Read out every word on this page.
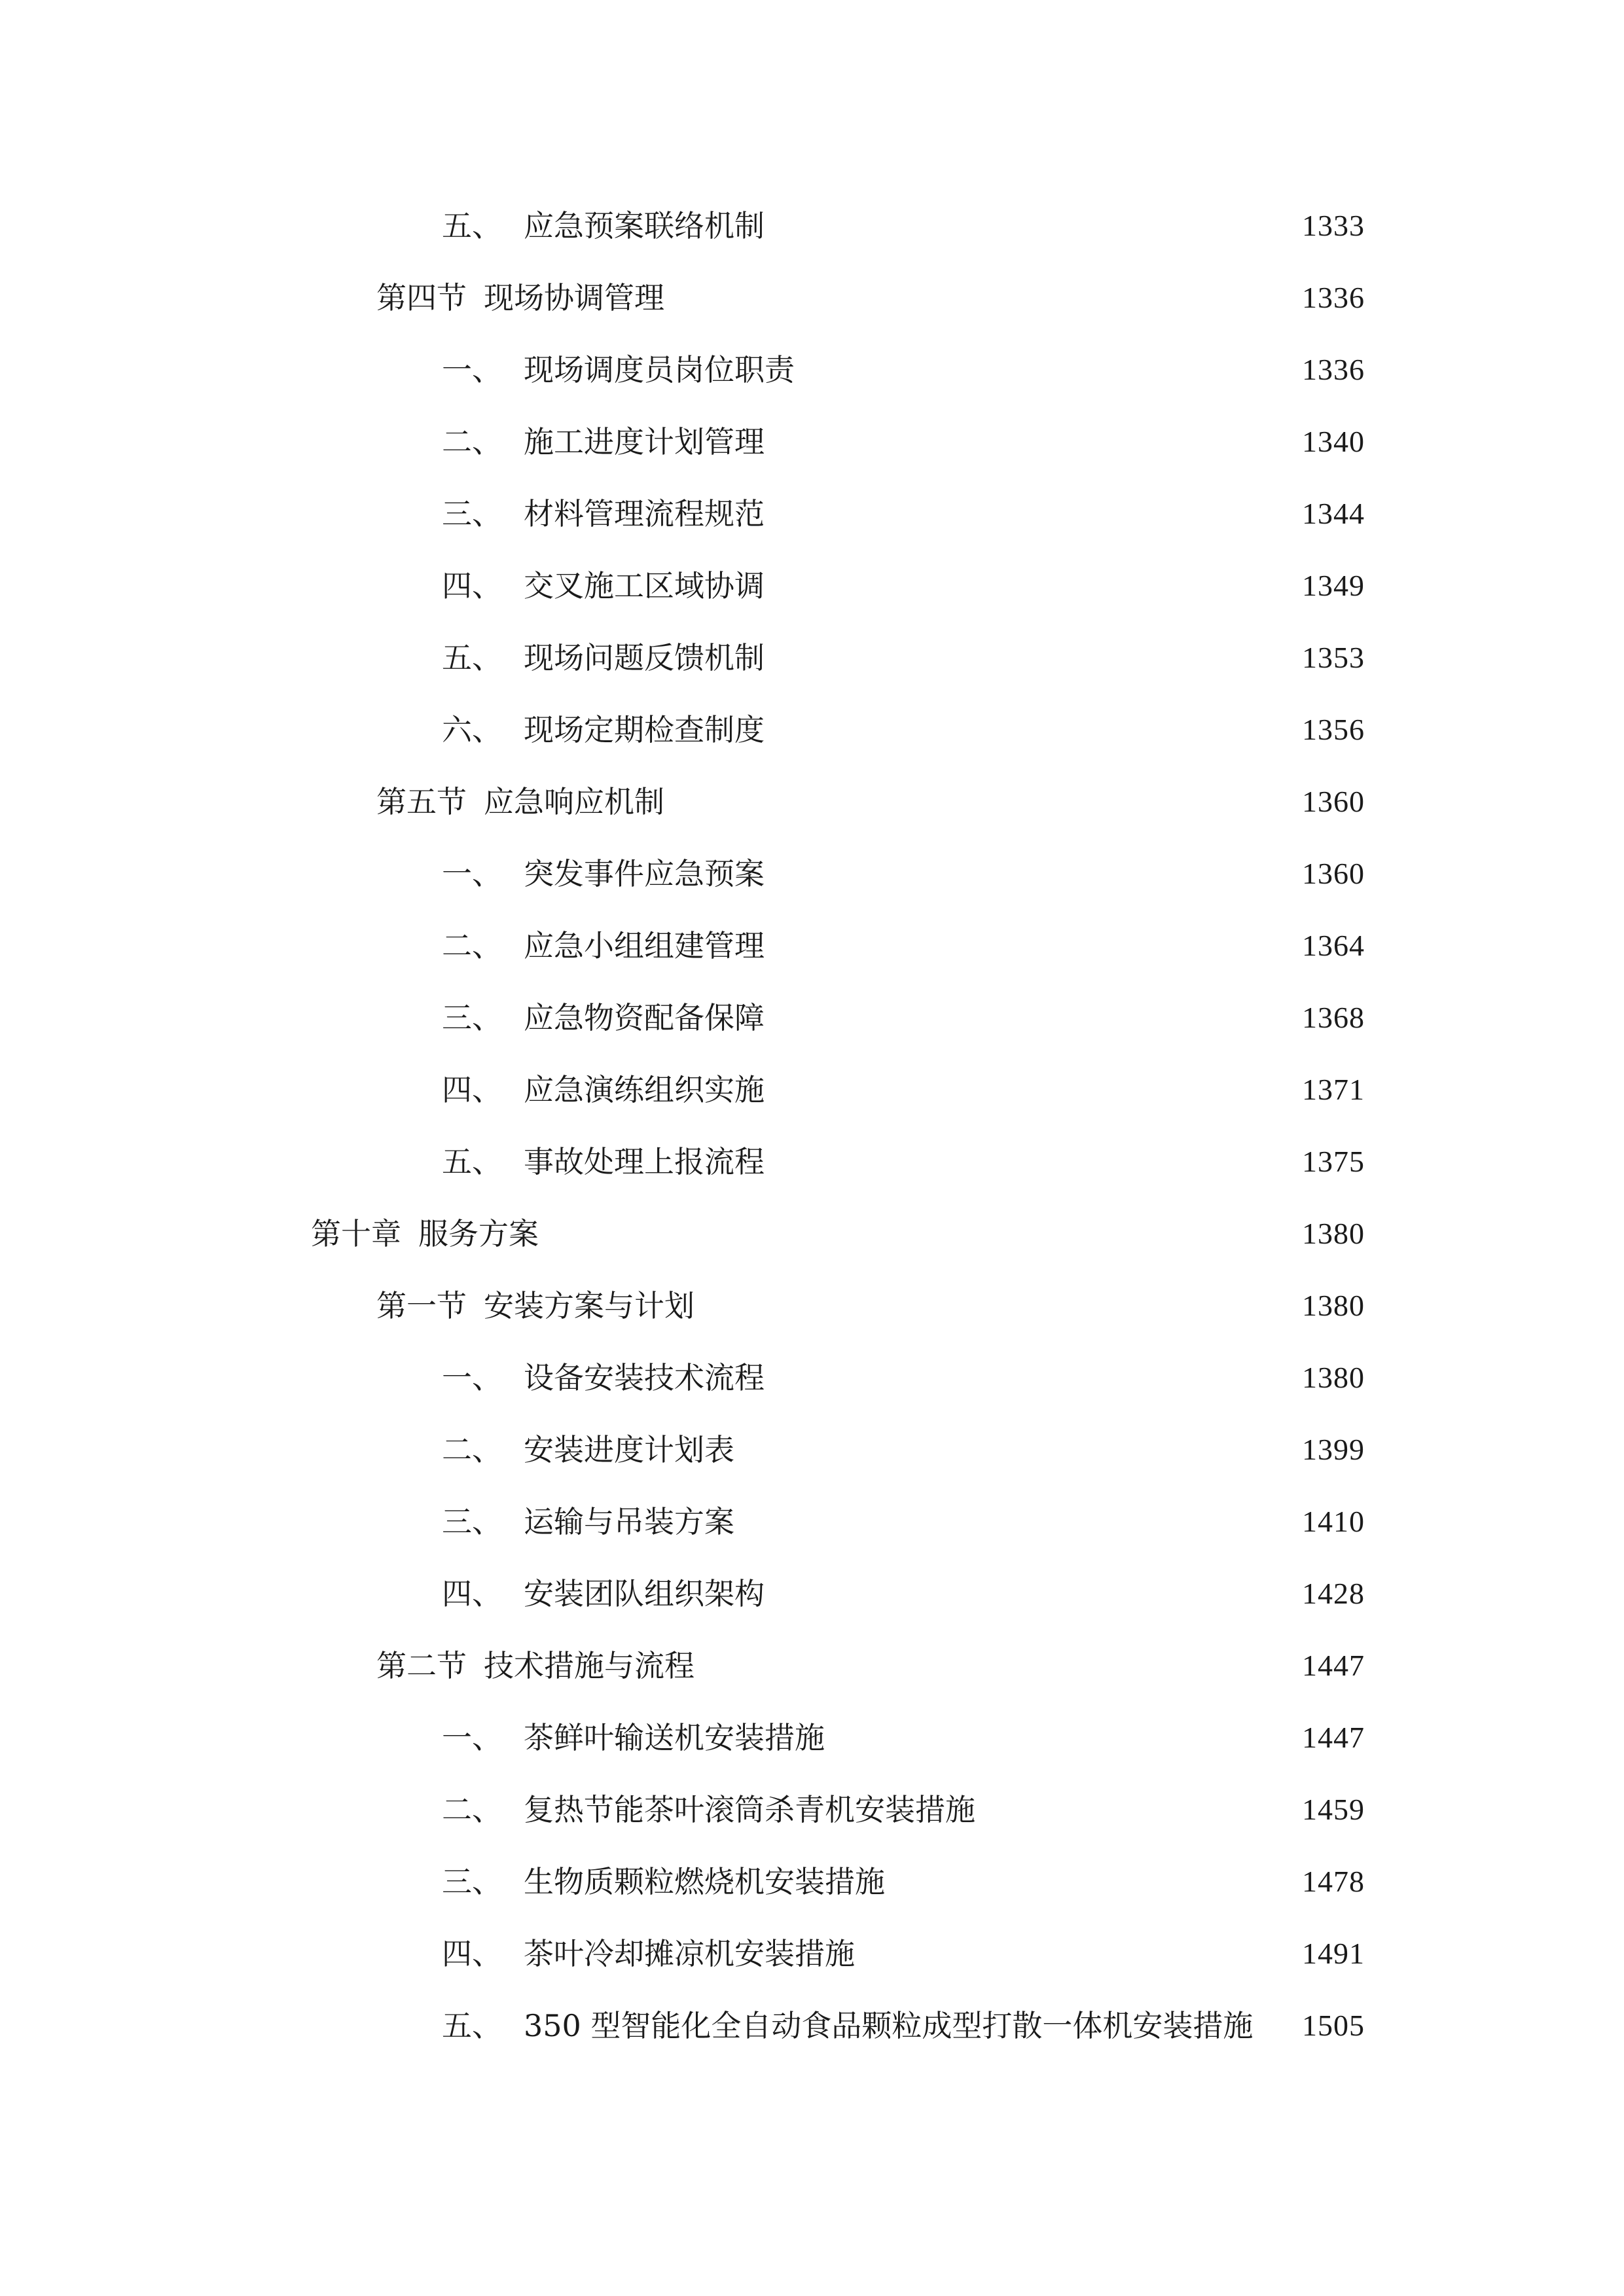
五、 应急预案联络机制	1333
第四节 现场协调管理	1336
一、 现场调度员岗位职责	1336
二、 施工进度计划管理	1340
三、 材料管理流程规范	1344
四、 交叉施工区域协调	1349
五、 现场问题反馈机制	1353
六、 现场定期检查制度	1356
第五节 应急响应机制	1360
一、 突发事件应急预案	1360
二、 应急小组组建管理	1364
三、 应急物资配备保障	1368
四、 应急演练组织实施	1371
五、 事故处理上报流程	1375
第十章 服务方案	1380
第一节 安装方案与计划	1380
一、 设备安装技术流程	1380
二、 安装进度计划表	1399
三、 运输与吊装方案	1410
四、 安装团队组织架构	1428
第二节 技术措施与流程	1447
一、 茶鲜叶输送机安装措施	1447
二、 复热节能茶叶滚筒杀青机安装措施	1459
三、 生物质颗粒燃烧机安装措施	1478
四、 茶叶冷却摊凉机安装措施	1491
五、 350 型智能化全自动食品颗粒成型打散一体机安装措施 1505
